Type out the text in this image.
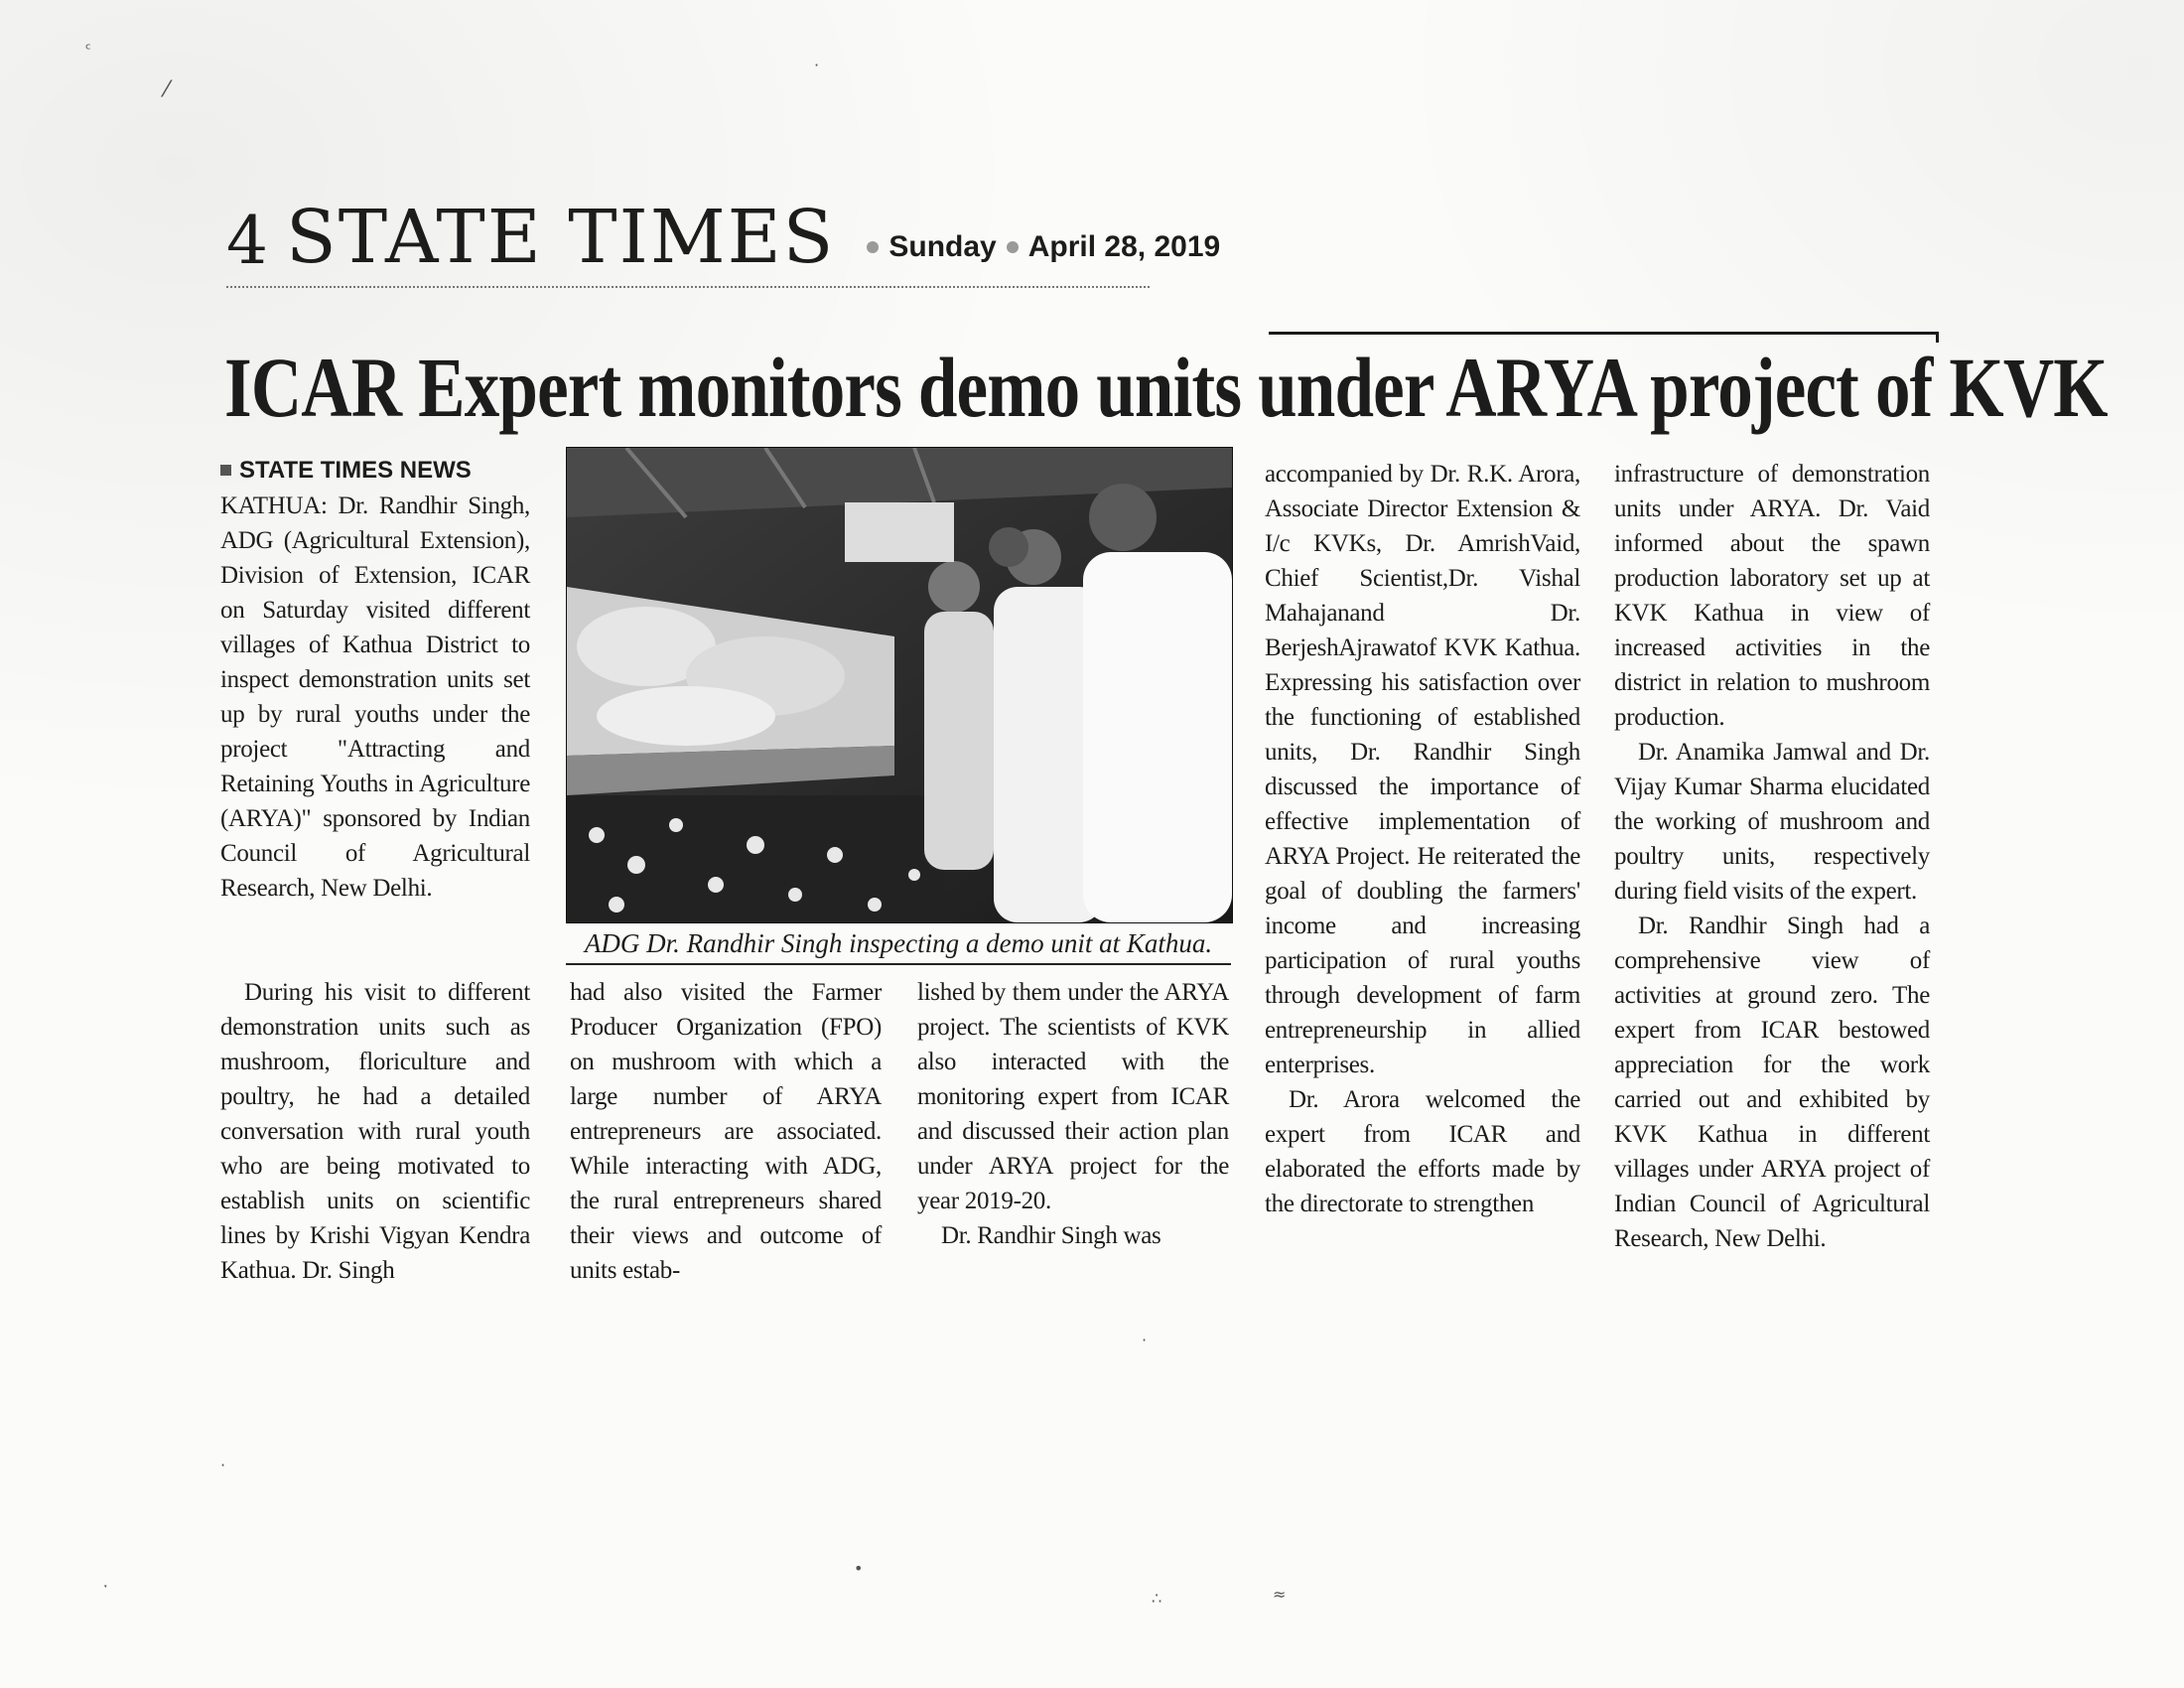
ᶜ
⁄
·
·
•
∴	≈
ˑ
·
4 STATE TIMES Sunday April 28, 2019
ICAR Expert monitors demo units under ARYA project of KVK
STATE TIMES NEWS

KATHUA: Dr. Randhir Singh, ADG (Agricultural Extension), Division of Extension, ICAR on Saturday visited different villages of Kathua District to inspect demonstration units set up by rural youths under the project "Attracting and Retaining Youths in Agriculture (ARYA)" sponsored by Indian Council of Agricultural Research, New Delhi.

During his visit to different demonstration units such as mushroom, floriculture and poultry, he had a detailed conversation with rural youth who are being motivated to establish units on scientific lines by Krishi Vigyan Kendra Kathua. Dr. Singh

ADG Dr. Randhir Singh inspecting a demo unit at Kathua.

had also visited the Farmer Producer Organization (FPO) on mushroom with which a large number of ARYA entrepreneurs are associated. While interacting with ADG, the rural entrepreneurs shared their views and outcome of units estab-

lished by them under the ARYA project. The scientists of KVK also interacted with the monitoring expert from ICAR and discussed their action plan under ARYA project for the year 2019-20.

Dr. Randhir Singh was

accompanied by Dr. R.K. Arora, Associate Director Extension & I/c KVKs, Dr. AmrishVaid, Chief Scientist,Dr. Vishal Mahajanand Dr. BerjeshAjrawatof KVK Kathua. Expressing his satisfaction over the functioning of established units, Dr. Randhir Singh discussed the importance of effective implementation of ARYA Project. He reiterated the goal of doubling the farmers' income and increasing participation of rural youths through development of farm entrepreneurship in allied enterprises.

Dr. Arora welcomed the expert from ICAR and elaborated the efforts made by the directorate to strengthen

infrastructure of demonstration units under ARYA. Dr. Vaid informed about the spawn production laboratory set up at KVK Kathua in view of increased activities in the district in relation to mushroom production.

Dr. Anamika Jamwal and Dr. Vijay Kumar Sharma elucidated the working of mushroom and poultry units, respectively during field visits of the expert.

Dr. Randhir Singh had a comprehensive view of activities at ground zero. The expert from ICAR bestowed appreciation for the work carried out and exhibited by KVK Kathua in different villages under ARYA project of Indian Council of Agricultural Research, New Delhi.
